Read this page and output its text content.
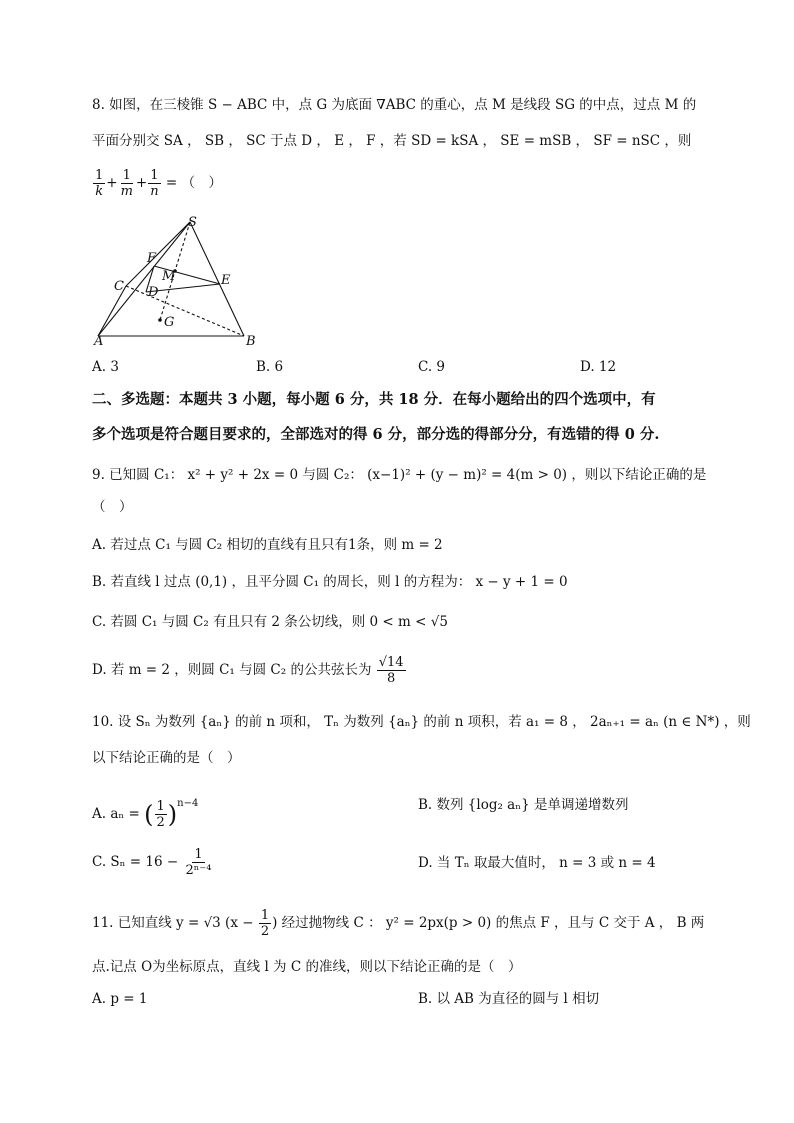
8. 如图，在三棱锥 S − ABC 中，点 G 为底面 ∇ABC 的重心，点 M 是线段 SG 的中点，过点 M 的
平面分别交 SA ， SB ， SC 于点 D ， E ， F ，若 SD = kSA ， SE = mSB ， SF = nSC ，则
$\frac{1}{k} + \frac{1}{m} + \frac{1}{n}$ = （　）
S
F
M	E
C D
G
A	B
A. 3	B. 6	C. 9	D. 12
二、多选题：本题共 3 小题，每小题 6 分，共 18 分．在每小题给出的四个选项中，有
多个选项是符合题目要求的，全部选对的得 6 分，部分选的得部分分，有选错的得 0 分.
9. 已知圆 C₁： x² + y² + 2x = 0 与圆 C₂： (x−1)² + (y − m)² = 4(m > 0) ，则以下结论正确的是
（　）
A. 若过点 C₁ 与圆 C₂ 相切的直线有且只有1条，则 m = 2
B. 若直线 l 过点 (0,1) ，且平分圆 C₁ 的周长，则 l 的方程为： x − y + 1 = 0
C. 若圆 C₁ 与圆 C₂ 有且只有 2 条公切线，则 0 < m < √5
D. 若 m = 2 ，则圆 C₁ 与圆 C₂ 的公共弦长为 $\frac{√14}{8}$
10. 设 Sₙ 为数列 {aₙ} 的前 n 项和， Tₙ 为数列 {aₙ} 的前 n 项积，若 a₁ = 8 ， 2aₙ₊₁ = aₙ (n ∈ N*) ，则
以下结论正确的是（　）
A. aₙ = ( $\frac{1}{2} )^{n-4}$	B. 数列 {log₂ aₙ} 是单调递增数列
C. $S_n = 16 - \frac{1}{\text{2ⁿ⁻⁴}}$	D. 当 Tₙ 取最大值时， n = 3 或 n = 4
11. 已知直线 y = √3 ($x - \frac{1}{2}$ ) 经过抛物线 C ： y² = 2px(p > 0) 的焦点 F ，且与 C 交于 A ， B 两
点.记点 O为坐标原点，直线 l 为 C 的准线，则以下结论正确的是（　）
A. p = 1	B. 以 AB 为直径的圆与 l 相切
